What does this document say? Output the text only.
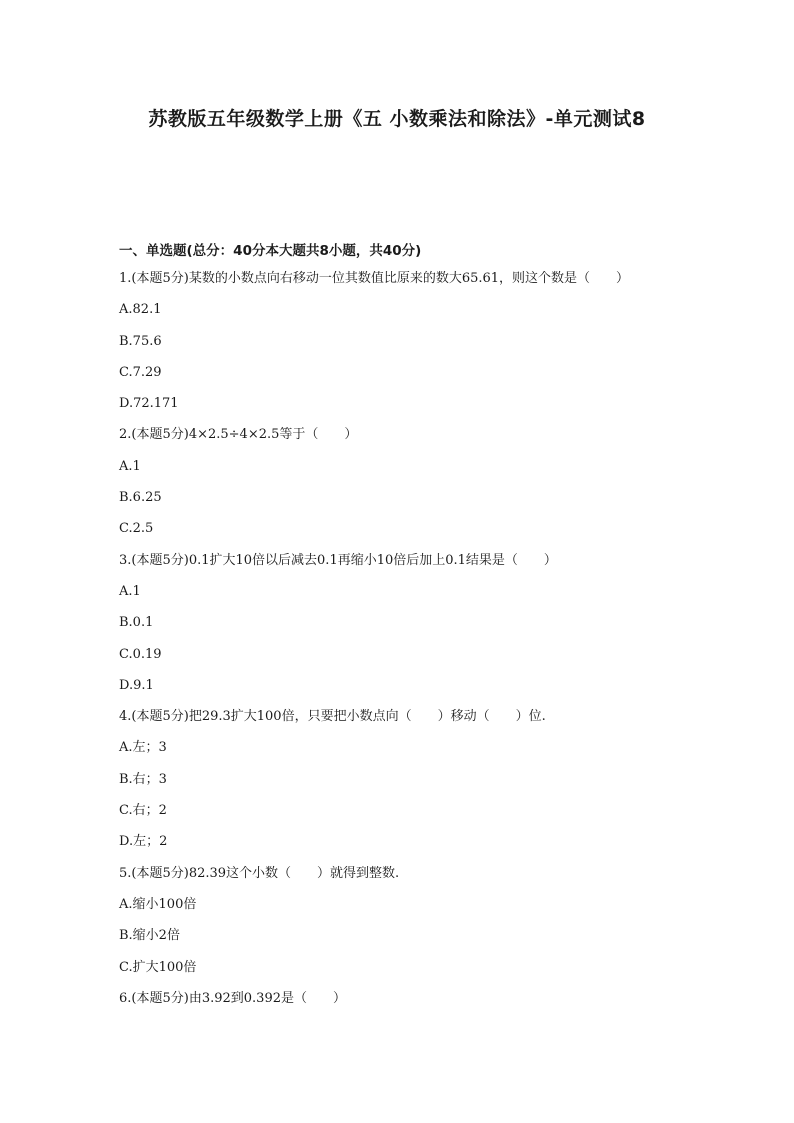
苏教版五年级数学上册《五 小数乘法和除法》-单元测试8
一、单选题(总分：40分本大题共8小题，共40分)
1.(本题5分)某数的小数点向右移动一位其数值比原来的数大65.61，则这个数是（　　）
A.82.1
B.75.6
C.7.29
D.72.171
2.(本题5分)4×2.5÷4×2.5等于（　　）
A.1
B.6.25
C.2.5
3.(本题5分)0.1扩大10倍以后减去0.1再缩小10倍后加上0.1结果是（　　）
A.1
B.0.1
C.0.19
D.9.1
4.(本题5分)把29.3扩大100倍，只要把小数点向（　　）移动（　　）位.
A.左；3
B.右；3
C.右；2
D.左；2
5.(本题5分)82.39这个小数（　　）就得到整数.
A.缩小100倍
B.缩小2倍
C.扩大100倍
6.(本题5分)由3.92到0.392是（　　）
